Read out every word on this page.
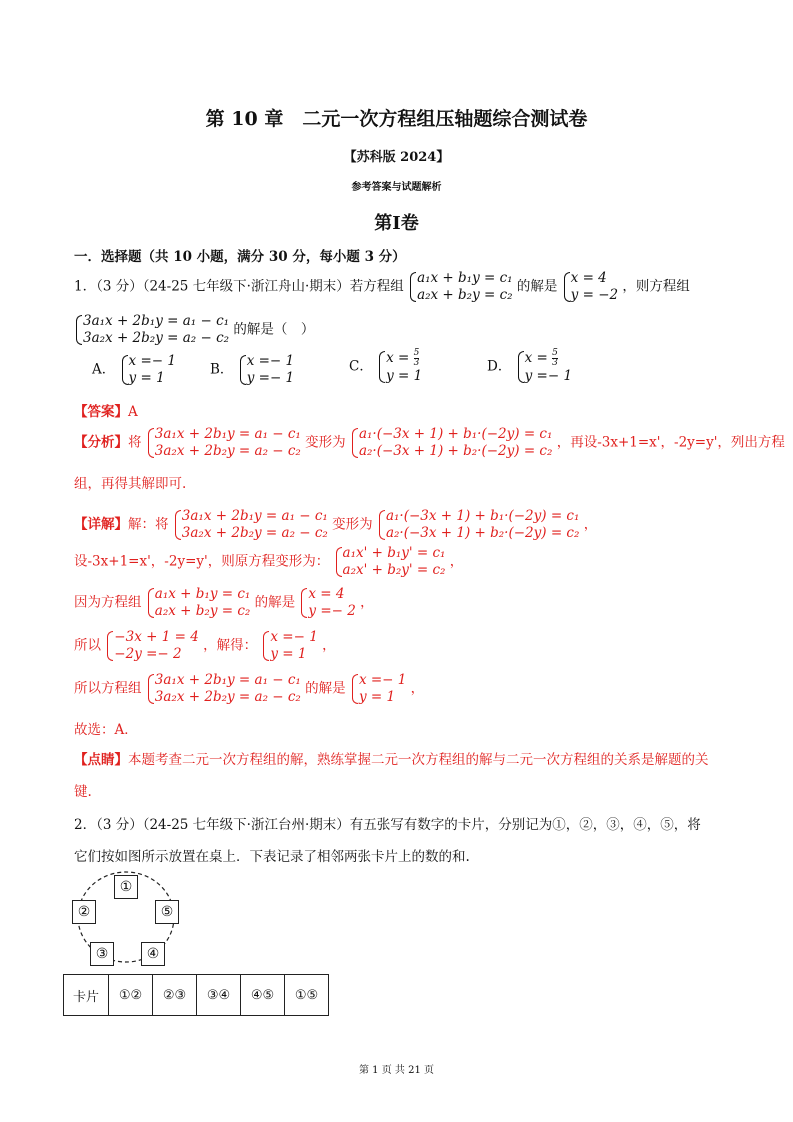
第 10 章　二元一次方程组压轴题综合测试卷
【苏科版 2024】
参考答案与试题解析
第Ⅰ卷
一．选择题（共 10 小题，满分 30 分，每小题 3 分）
1．（3 分）（24-25 七年级下·浙江舟山·期末）若方程组
a₁x + b₁y = c₁
a₂x + b₂y = c₂
的解是
x = 4
y = −2
，则方程组
3a₁x + 2b₁y = a₁ − c₁
3a₂x + 2b₂y = a₂ − c₂
的解是（　）
A．
x =− 1
y = 1
B．
x =− 1
y =− 1
C．
$x = \frac{5}{3}$
y = 1
D．
$x = \frac{5}{3}$
y =− 1
【答案】A
【分析】将
3a₁x + 2b₁y = a₁ − c₁
3a₂x + 2b₂y = a₂ − c₂
变形为
a₁·(−3x + 1) + b₁·(−2y) = c₁
a₂·(−3x + 1) + b₂·(−2y) = c₂
，再设-3x+1=x'，-2y=y'，列出方程
组，再得其解即可.
【详解】解：将
3a₁x + 2b₁y = a₁ − c₁
3a₂x + 2b₂y = a₂ − c₂
变形为
a₁·(−3x + 1) + b₁·(−2y) = c₁
a₂·(−3x + 1) + b₂·(−2y) = c₂
，
设-3x+1=x'，-2y=y'，则原方程变形为：
a₁x' + b₁y' = c₁
a₂x' + b₂y' = c₂
，
因为方程组
a₁x + b₁y = c₁
a₂x + b₂y = c₂
的解是
x = 4
y =− 2
，
所以
−3x + 1 = 4
−2y =− 2
，解得：
x =− 1
y = 1
，
所以方程组
3a₁x + 2b₁y = a₁ − c₁
3a₂x + 2b₂y = a₂ − c₂
的解是
x =− 1
y = 1
，
故选：A．
【点睛】本题考查二元一次方程组的解，熟练掌握二元一次方程组的解与二元一次方程组的关系是解题的关
键.
2．（3 分）（24-25 七年级下·浙江台州·期末）有五张写有数字的卡片，分别记为①，②，③，④，⑤，将
它们按如图所示放置在桌上．下表记录了相邻两张卡片上的数的和.
①
②	⑤
③	④
卡片	①②	②③	③④	④⑤	①⑤
第 1 页 共 21 页
